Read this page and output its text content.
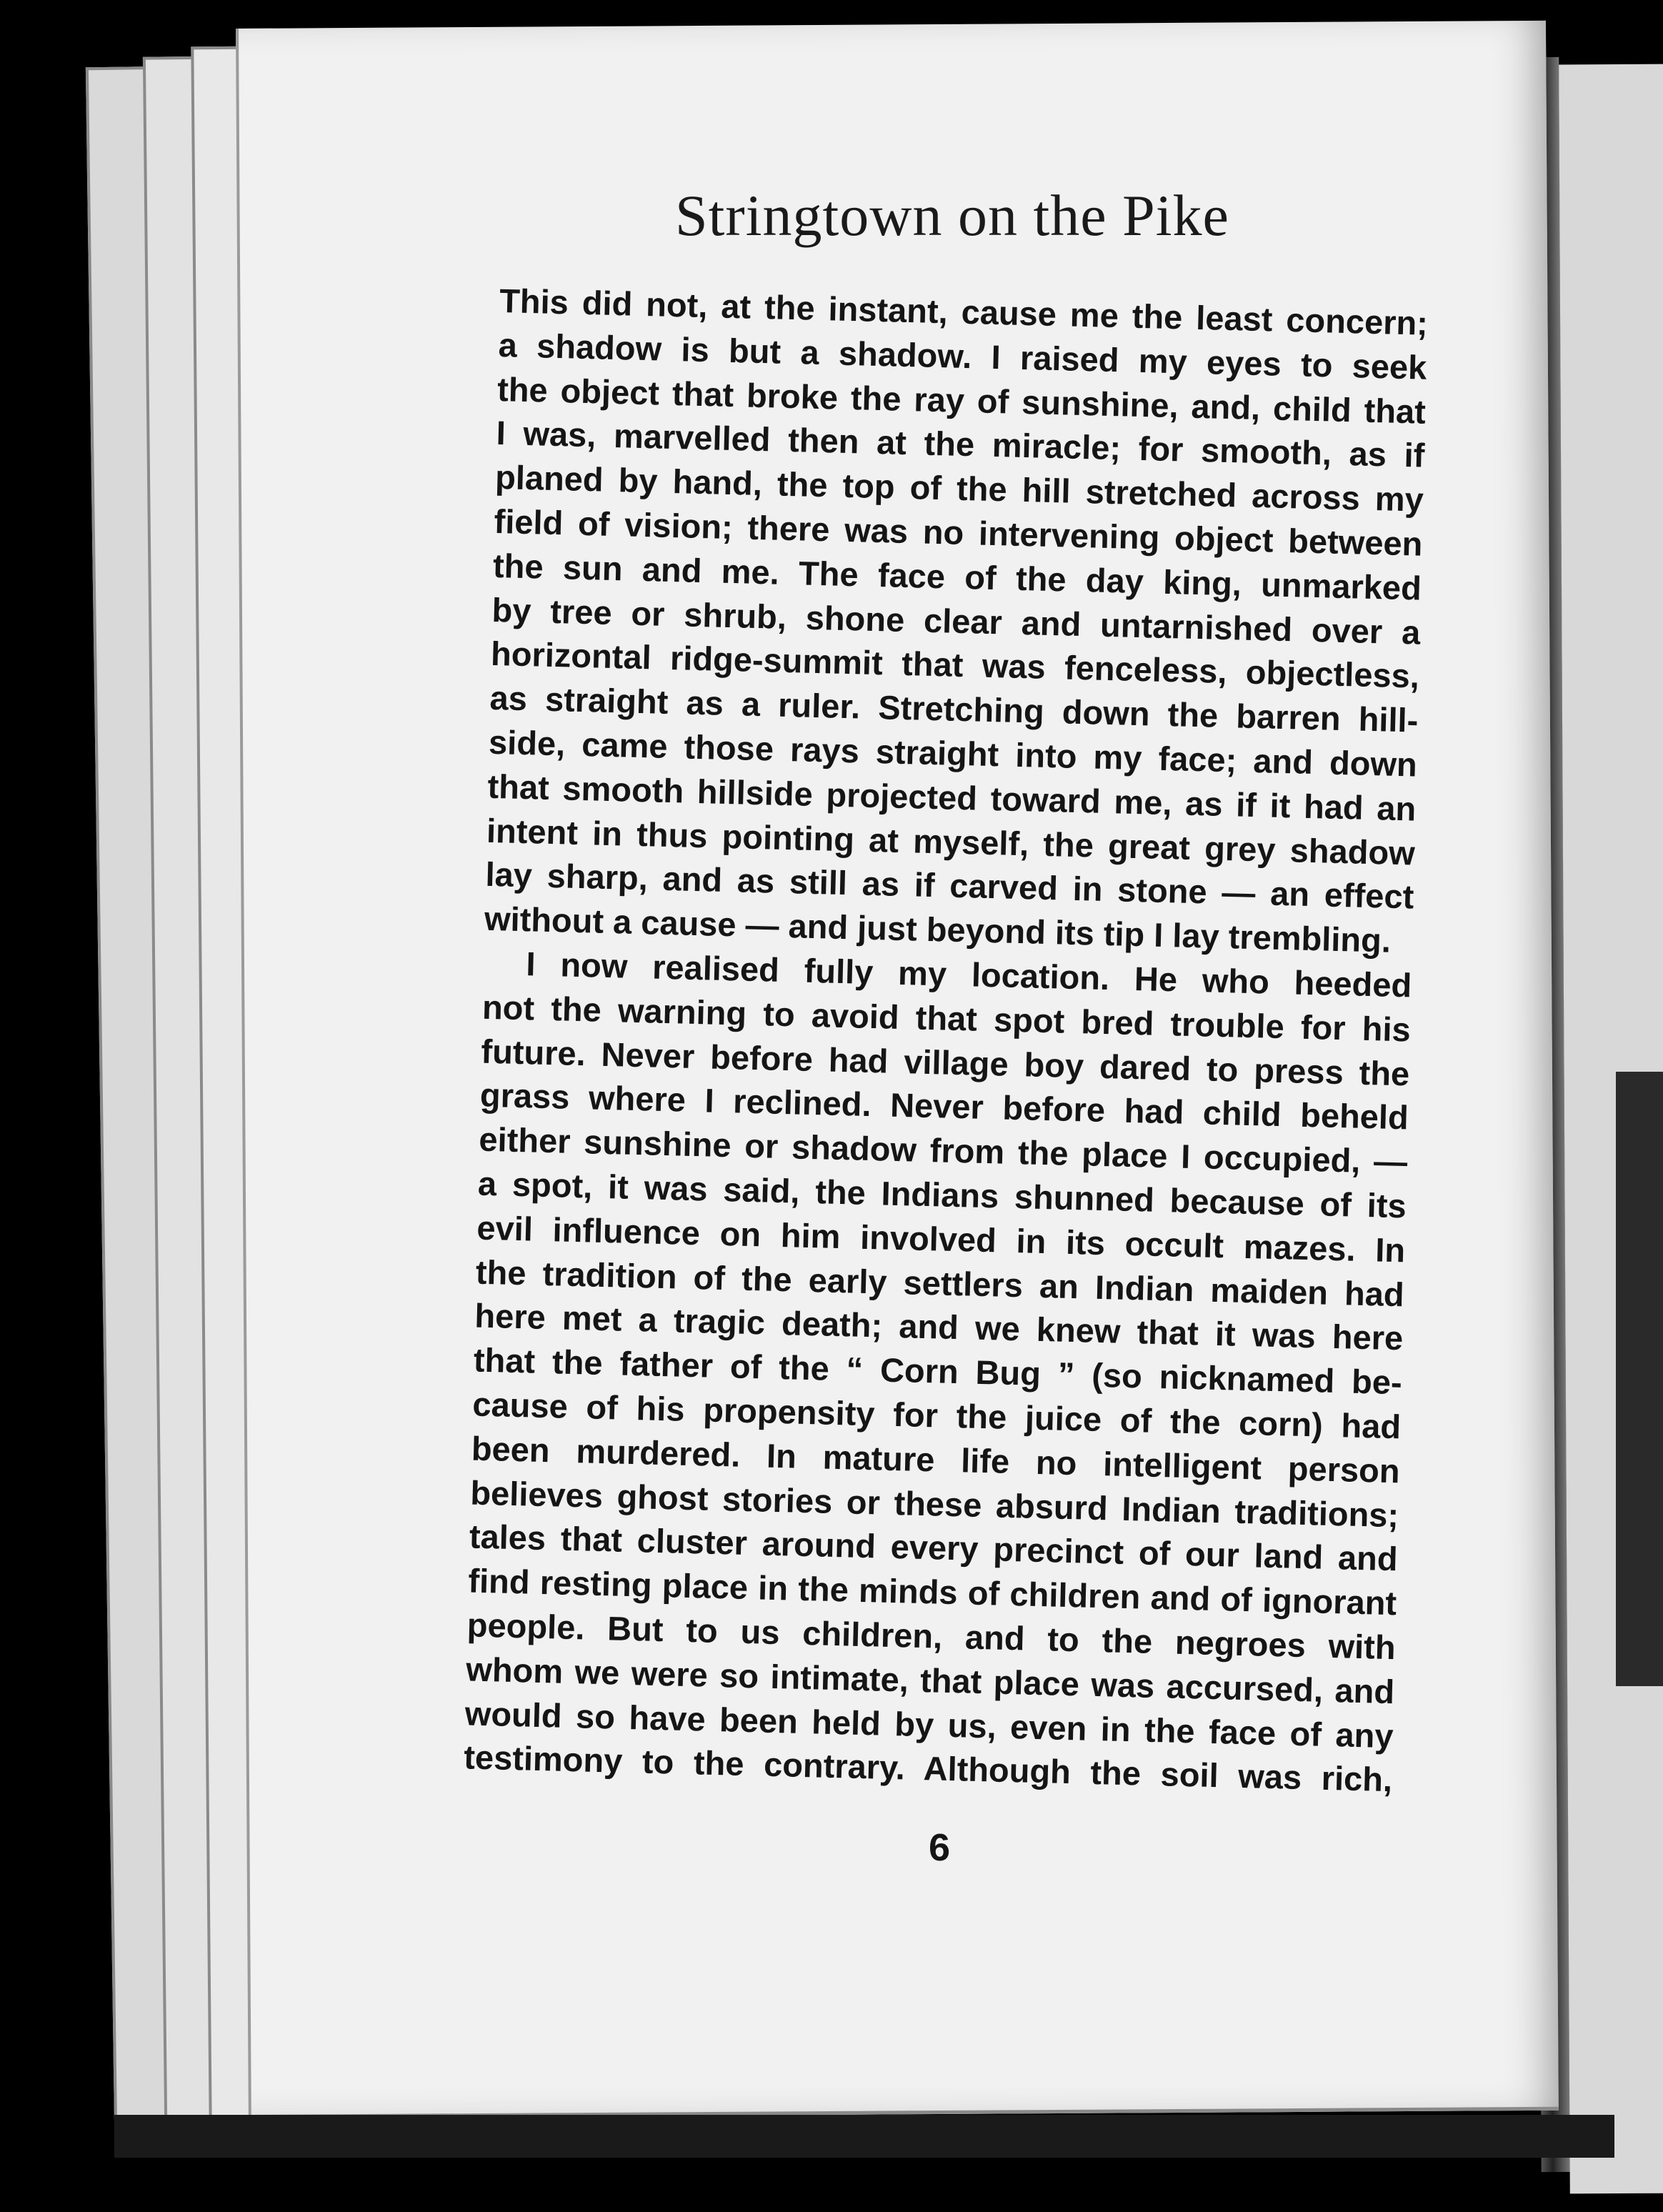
Stringtown on the Pike
This did not, at the instant, cause me the least concern;
a shadow is but a shadow. I raised my eyes to seek
the object that broke the ray of sunshine, and, child that
I was, marvelled then at the miracle; for smooth, as if
planed by hand, the top of the hill stretched across my
field of vision; there was no intervening object between
the sun and me. The face of the day king, unmarked
by tree or shrub, shone clear and untarnished over a
horizontal ridge-summit that was fenceless, objectless,
as straight as a ruler. Stretching down the barren hill-
side, came those rays straight into my face; and down
that smooth hillside projected toward me, as if it had an
intent in thus pointing at myself, the great grey shadow
lay sharp, and as still as if carved in stone — an effect
without a cause — and just beyond its tip I lay trembling.
I now realised fully my location. He who heeded
not the warning to avoid that spot bred trouble for his
future. Never before had village boy dared to press the
grass where I reclined. Never before had child beheld
either sunshine or shadow from the place I occupied, —
a spot, it was said, the Indians shunned because of its
evil influence on him involved in its occult mazes. In
the tradition of the early settlers an Indian maiden had
here met a tragic death; and we knew that it was here
that the father of the “ Corn Bug ” (so nicknamed be-
cause of his propensity for the juice of the corn) had
been murdered. In mature life no intelligent person
believes ghost stories or these absurd Indian traditions;
tales that cluster around every precinct of our land and
find resting place in the minds of children and of ignorant
people. But to us children, and to the negroes with
whom we were so intimate, that place was accursed, and
would so have been held by us, even in the face of any
testimony to the contrary. Although the soil was rich,
6
